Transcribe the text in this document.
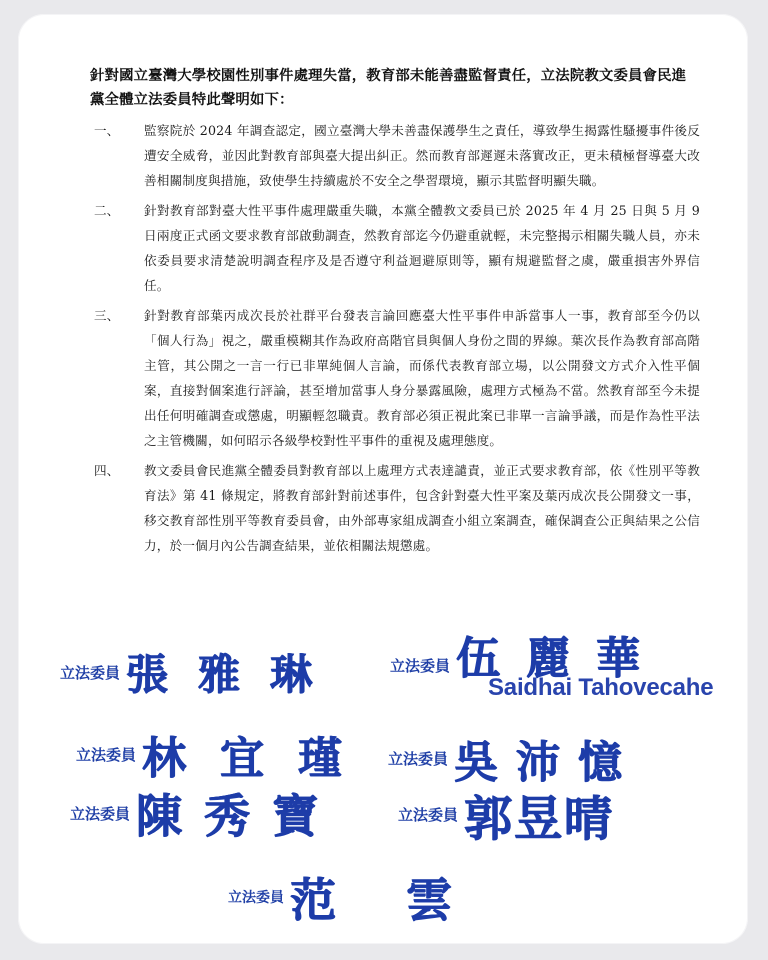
針對國立臺灣大學校園性別事件處理失當，教育部未能善盡監督責任，立法院教文委員會民進黨全體立法委員特此聲明如下：

一、	監察院於 2024 年調查認定，國立臺灣大學未善盡保護學生之責任，導致學生揭露性騷擾事件後反遭安全威脅，並因此對教育部與臺大提出糾正。然而教育部遲遲未落實改正，更未積極督導臺大改善相關制度與措施，致使學生持續處於不安全之學習環境，顯示其監督明顯失職。
二、	針對教育部對臺大性平事件處理嚴重失職，本黨全體教文委員已於 2025 年 4 月 25 日與 5 月 9 日兩度正式函文要求教育部啟動調查，然教育部迄今仍避重就輕，未完整揭示相關失職人員，亦未依委員要求清楚說明調查程序及是否遵守利益迴避原則等，顯有規避監督之虞，嚴重損害外界信任。
三、	針對教育部葉丙成次長於社群平台發表言論回應臺大性平事件申訴當事人一事，教育部至今仍以「個人行為」視之，嚴重模糊其作為政府高階官員與個人身份之間的界線。葉次長作為教育部高階主管，其公開之一言一行已非單純個人言論，而係代表教育部立場，以公開發文方式介入性平個案，直接對個案進行評論，甚至增加當事人身分暴露風險，處理方式極為不當。然教育部至今未提出任何明確調查或懲處，明顯輕忽職責。教育部必須正視此案已非單一言論爭議，而是作為性平法之主管機關，如何昭示各級學校對性平事件的重視及處理態度。
四、	教文委員會民進黨全體委員對教育部以上處理方式表達譴責，並正式要求教育部，依《性別平等教育法》第 41 條規定，將教育部針對前述事件，包含針對臺大性平案及葉丙成次長公開發文一事，移交教育部性別平等教育委員會，由外部專家組成調查小組立案調查，確保調查公正與結果之公信力，於一個月內公告調查結果，並依相關法規懲處。
立法委員 張雅琳	立法委員 伍麗華
Saidhai Tahovecahe
立法委員 林宜瑾 立法委員 吳沛憶
立法委員 陳秀寶	立法委員 郭昱晴
立法委員 范雲
